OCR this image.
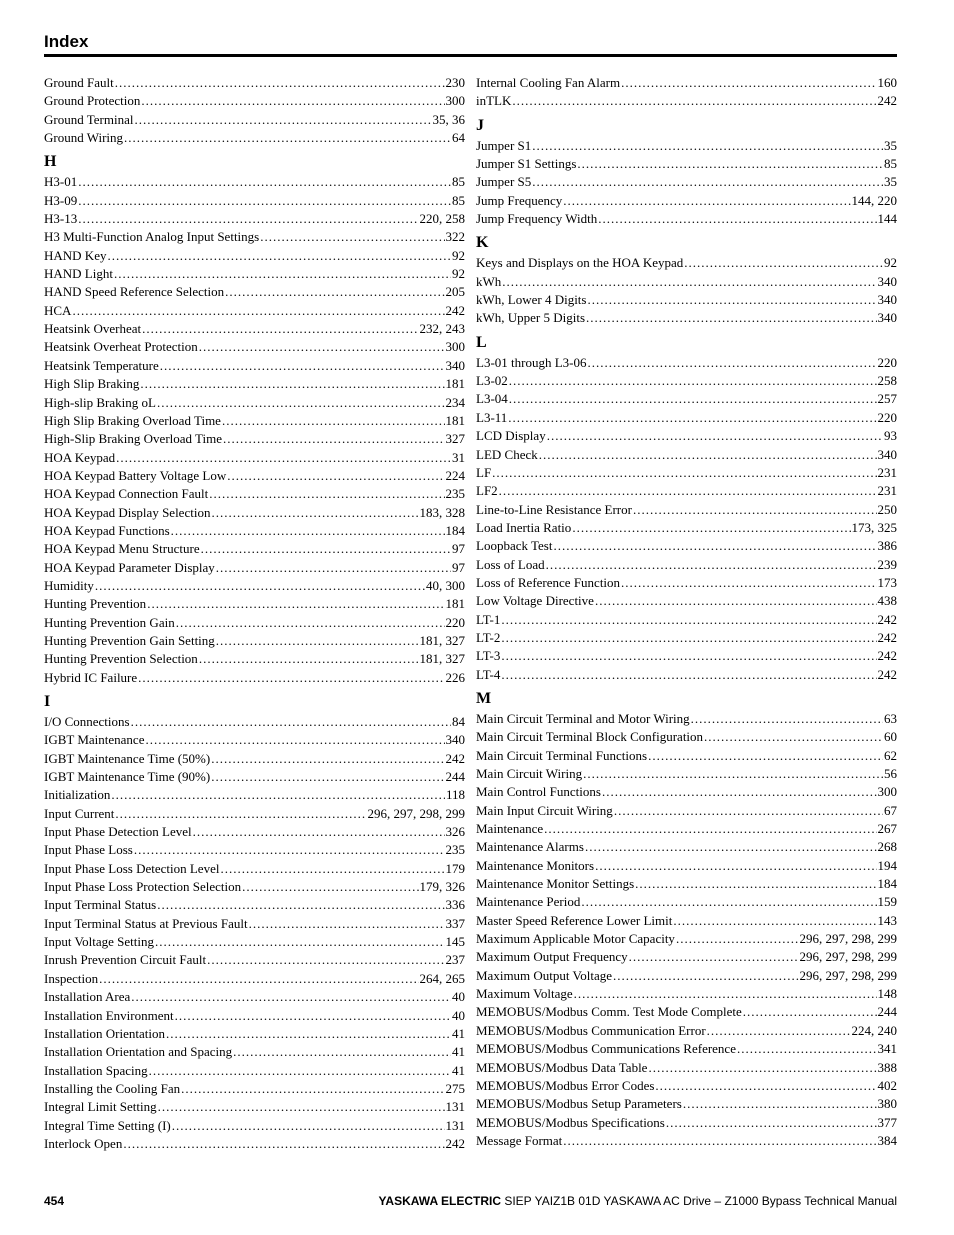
Index
Ground Fault .....	230
Ground Protection .....	300
Ground Terminal .....	35, 36
Ground Wiring .....	64
H
H3-01 .....	85
H3-09 .....	85
H3-13 .....	220, 258
H3 Multi-Function Analog Input Settings .....	322
HAND Key .....	92
HAND Light .....	92
HAND Speed Reference Selection .....	205
HCA .....	242
Heatsink Overheat .....	232, 243
Heatsink Overheat Protection .....	300
Heatsink Temperature .....	340
High Slip Braking .....	181
High-slip Braking oL .....	234
High Slip Braking Overload Time .....	181
High-Slip Braking Overload Time .....	327
HOA Keypad .....	31
HOA Keypad Battery Voltage Low .....	224
HOA Keypad Connection Fault .....	235
HOA Keypad Display Selection .....	183, 328
HOA Keypad Functions .....	184
HOA Keypad Menu Structure .....	97
HOA Keypad Parameter Display .....	97
Humidity .....	40, 300
Hunting Prevention .....	181
Hunting Prevention Gain .....	220
Hunting Prevention Gain Setting .....	181, 327
Hunting Prevention Selection .....	181, 327
Hybrid IC Failure .....	226
I
I/O Connections .....	84
IGBT Maintenance .....	340
IGBT Maintenance Time (50%) .....	242
IGBT Maintenance Time (90%) .....	244
Initialization .....	118
Input Current .....	296, 297, 298, 299
Input Phase Detection Level .....	326
Input Phase Loss .....	235
Input Phase Loss Detection Level .....	179
Input Phase Loss Protection Selection .....	179, 326
Input Terminal Status .....	336
Input Terminal Status at Previous Fault .....	337
Input Voltage Setting .....	145
Inrush Prevention Circuit Fault .....	237
Inspection .....	264, 265
Installation Area .....	40
Installation Environment .....	40
Installation Orientation .....	41
Installation Orientation and Spacing .....	41
Installation Spacing .....	41
Installing the Cooling Fan .....	275
Integral Limit Setting .....	131
Integral Time Setting (I) .....	131
Interlock Open .....	242
Internal Cooling Fan Alarm .....	160
inTLK .....	242
J
Jumper S1 .....	35
Jumper S1 Settings .....	85
Jumper S5 .....	35
Jump Frequency .....	144, 220
Jump Frequency Width .....	144
K
Keys and Displays on the HOA Keypad .....	92
kWh .....	340
kWh, Lower 4 Digits .....	340
kWh, Upper 5 Digits .....	340
L
L3-01 through L3-06 .....	220
L3-02 .....	258
L3-04 .....	257
L3-11 .....	220
LCD Display .....	93
LED Check .....	340
LF .....	231
LF2 .....	231
Line-to-Line Resistance Error .....	250
Load Inertia Ratio .....	173, 325
Loopback Test .....	386
Loss of Load .....	239
Loss of Reference Function .....	173
Low Voltage Directive .....	438
LT-1 .....	242
LT-2 .....	242
LT-3 .....	242
LT-4 .....	242
M
Main Circuit Terminal and Motor Wiring .....	63
Main Circuit Terminal Block Configuration .....	60
Main Circuit Terminal Functions .....	62
Main Circuit Wiring .....	56
Main Control Functions .....	300
Main Input Circuit Wiring .....	67
Maintenance .....	267
Maintenance Alarms .....	268
Maintenance Monitors .....	194
Maintenance Monitor Settings .....	184
Maintenance Period .....	159
Master Speed Reference Lower Limit .....	143
Maximum Applicable Motor Capacity .....	296, 297, 298, 299
Maximum Output Frequency .....	296, 297, 298, 299
Maximum Output Voltage .....	296, 297, 298, 299
Maximum Voltage .....	148
MEMOBUS/Modbus Comm. Test Mode Complete .....	244
MEMOBUS/Modbus Communication Error .....	224, 240
MEMOBUS/Modbus Communications Reference .....	341
MEMOBUS/Modbus Data Table .....	388
MEMOBUS/Modbus Error Codes .....	402
MEMOBUS/Modbus Setup Parameters .....	380
MEMOBUS/Modbus Specifications .....	377
Message Format .....	384
454	YASKAWA ELECTRIC SIEP YAIZ1B 01D YASKAWA AC Drive – Z1000 Bypass Technical Manual
